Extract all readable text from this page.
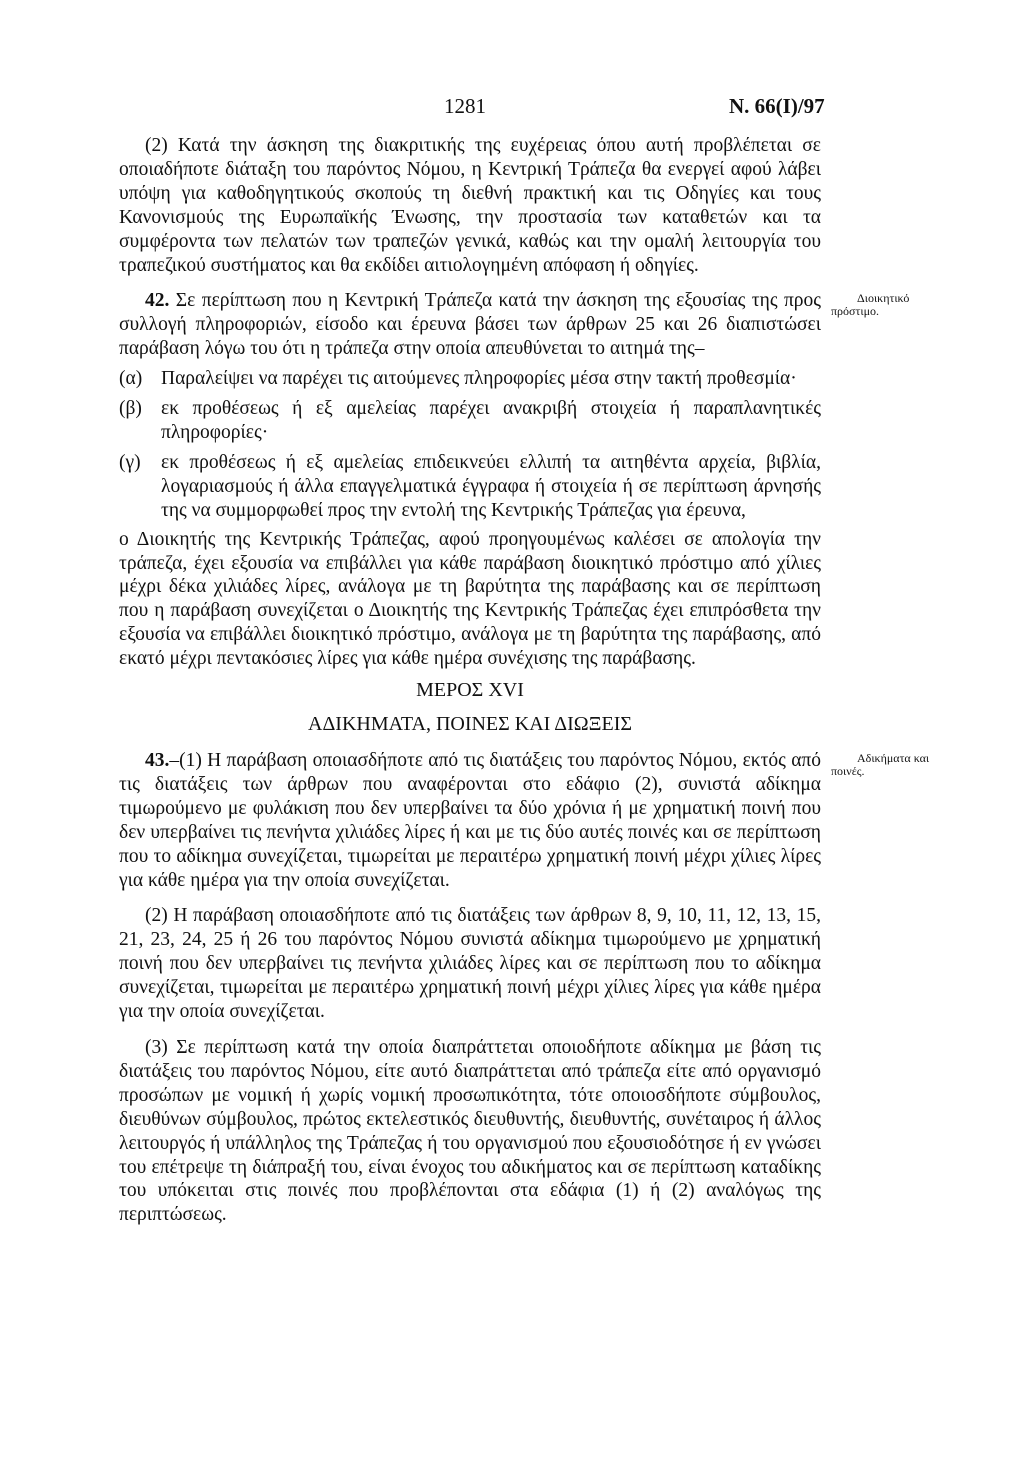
1281	Ν. 66(Ι)/97

(2) Κατά την άσκηση της διακριτικής της ευχέρειας όπου αυτή προβλέπεται σε οποιαδήποτε διάταξη του παρόντος Νόμου, η Κεντρική Τράπεζα θα ενεργεί αφού λάβει υπόψη για καθοδηγητικούς σκοπούς τη διεθνή πρακτική και τις Οδηγίες και τους Κανονισμούς της Ευρωπαϊκής Ένωσης, την προστασία των καταθετών και τα συμφέροντα των πελατών των τραπεζών γενικά, καθώς και την ομαλή λειτουργία του τραπεζικού συστήματος και θα εκδίδει αιτιολογημένη απόφαση ή οδηγίες.

Διοικητικό πρόστιμο.

42. Σε περίπτωση που η Κεντρική Τράπεζα κατά την άσκηση της εξουσίας της προς συλλογή πληροφοριών, είσοδο και έρευνα βάσει των άρθρων 25 και 26 διαπιστώσει παράβαση λόγω του ότι η τράπεζα στην οποία απευθύνεται το αιτημά της–

(α) Παραλείψει να παρέχει τις αιτούμενες πληροφορίες μέσα στην τακτή προθεσμία·
(β) εκ προθέσεως ή εξ αμελείας παρέχει ανακριβή στοιχεία ή παραπλανητικές πληροφορίες·
(γ) εκ προθέσεως ή εξ αμελείας επιδεικνεύει ελλιπή τα αιτηθέντα αρχεία, βιβλία, λογαριασμούς ή άλλα επαγγελματικά έγγραφα ή στοιχεία ή σε περίπτωση άρνησής της να συμμορφωθεί προς την εντολή της Κεντρικής Τράπεζας για έρευνα,

ο Διοικητής της Κεντρικής Τράπεζας, αφού προηγουμένως καλέσει σε απολογία την τράπεζα, έχει εξουσία να επιβάλλει για κάθε παράβαση διοικητικό πρόστιμο από χίλιες μέχρι δέκα χιλιάδες λίρες, ανάλογα με τη βαρύτητα της παράβασης και σε περίπτωση που η παράβαση συνεχίζεται ο Διοικητής της Κεντρικής Τράπεζας έχει επιπρόσθετα την εξουσία να επιβάλλει διοικητικό πρόστιμο, ανάλογα με τη βαρύτητα της παράβασης, από εκατό μέχρι πεντακόσιες λίρες για κάθε ημέρα συνέχισης της παράβασης.

ΜΕΡΟΣ XVI
ΑΔΙΚΗΜΑΤΑ, ΠΟΙΝΕΣ ΚΑΙ ΔΙΩΞΕΙΣ
Αδικήματα και ποινές.

43.–(1) Η παράβαση οποιασδήποτε από τις διατάξεις του παρόντος Νόμου, εκτός από τις διατάξεις των άρθρων που αναφέρονται στο εδάφιο (2), συνιστά αδίκημα τιμωρούμενο με φυλάκιση που δεν υπερβαίνει τα δύο χρόνια ή με χρηματική ποινή που δεν υπερβαίνει τις πενήντα χιλιάδες λίρες ή και με τις δύο αυτές ποινές και σε περίπτωση που το αδίκημα συνεχίζεται, τιμωρείται με περαιτέρω χρηματική ποινή μέχρι χίλιες λίρες για κάθε ημέρα για την οποία συνεχίζεται.

(2) Η παράβαση οποιασδήποτε από τις διατάξεις των άρθρων 8, 9, 10, 11, 12, 13, 15, 21, 23, 24, 25 ή 26 του παρόντος Νόμου συνιστά αδίκημα τιμωρούμενο με χρηματική ποινή που δεν υπερβαίνει τις πενήντα χιλιάδες λίρες και σε περίπτωση που το αδίκημα συνεχίζεται, τιμωρείται με περαιτέρω χρηματική ποινή μέχρι χίλιες λίρες για κάθε ημέρα για την οποία συνεχίζεται.

(3) Σε περίπτωση κατά την οποία διαπράττεται οποιοδήποτε αδίκημα με βάση τις διατάξεις του παρόντος Νόμου, είτε αυτό διαπράττεται από τράπεζα είτε από οργανισμό προσώπων με νομική ή χωρίς νομική προσωπικότητα, τότε οποιοσδήποτε σύμβουλος, διευθύνων σύμβουλος, πρώτος εκτελεστικός διευθυντής, διευθυντής, συνέταιρος ή άλλος λειτουργός ή υπάλληλος της Τράπεζας ή του οργανισμού που εξουσιοδότησε ή εν γνώσει του επέτρεψε τη διάπραξή του, είναι ένοχος του αδικήματος και σε περίπτωση καταδίκης του υπόκειται στις ποινές που προβλέπονται στα εδάφια (1) ή (2) αναλόγως της περιπτώσεως.
